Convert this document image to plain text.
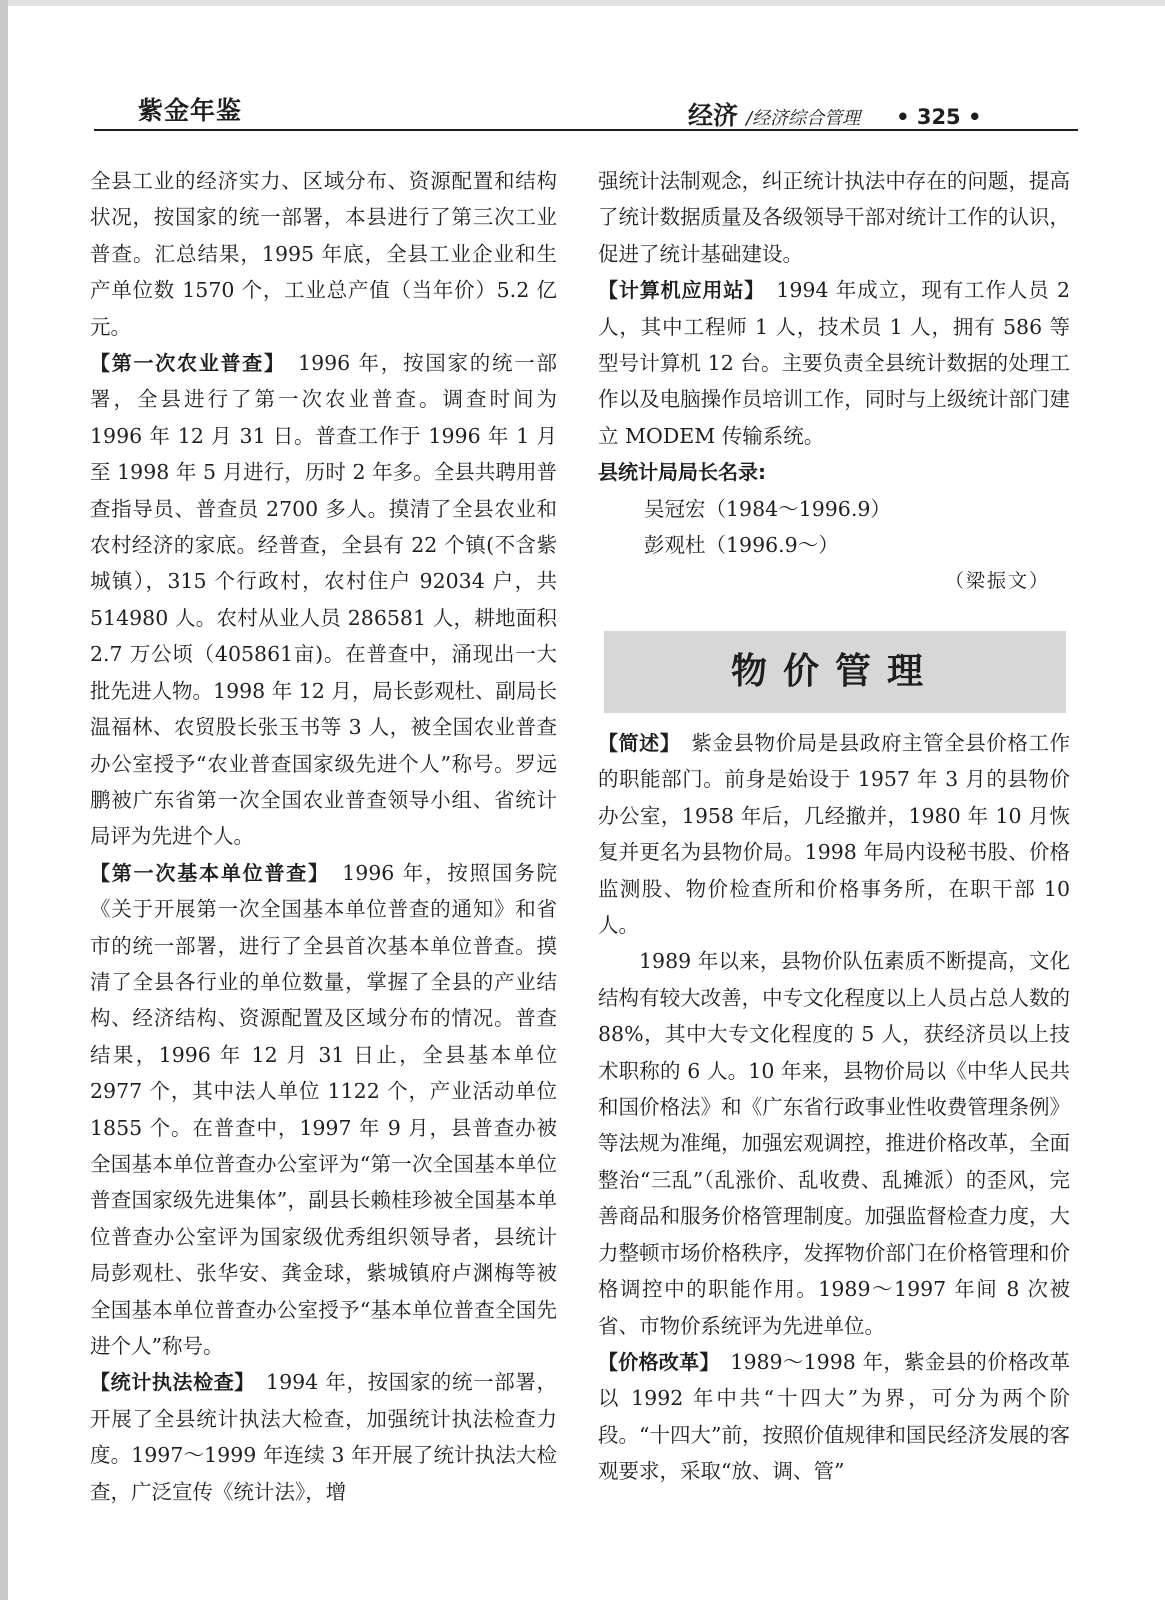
紫金年鉴	经济 /经济综合管理 • 325 •

全县工业的经济实力、区域分布、资源配置和结构状况，按国家的统一部署，本县进行了第三次工业普查。汇总结果，1995 年底，全县工业企业和生产单位数 1570 个，工业总产值（当年价）5.2 亿元。

【第一次农业普查】　1996 年，按国家的统一部署，全县进行了第一次农业普查。调查时间为 1996 年 12 月 31 日。普查工作于 1996 年 1 月至 1998 年 5 月进行，历时 2 年多。全县共聘用普查指导员、普查员 2700 多人。摸清了全县农业和农村经济的家底。经普查，全县有 22 个镇(不含紫城镇），315 个行政村，农村住户 92034 户，共 514980 人。农村从业人员 286581 人，耕地面积 2.7 万公顷（405861亩)。在普查中，涌现出一大批先进人物。1998 年 12 月，局长彭观杜、副局长温福林、农贸股长张玉书等 3 人，被全国农业普查办公室授予“农业普查国家级先进个人”称号。罗远鹏被广东省第一次全国农业普查领导小组、省统计局评为先进个人。

【第一次基本单位普查】　1996 年，按照国务院《关于开展第一次全国基本单位普查的通知》和省市的统一部署，进行了全县首次基本单位普查。摸清了全县各行业的单位数量，掌握了全县的产业结构、经济结构、资源配置及区域分布的情况。普查结果，1996 年 12 月 31 日止，全县基本单位 2977 个，其中法人单位 1122 个，产业活动单位 1855 个。在普查中，1997 年 9 月，县普查办被全国基本单位普查办公室评为“第一次全国基本单位普查国家级先进集体”，副县长赖桂珍被全国基本单位普查办公室评为国家级优秀组织领导者，县统计局彭观杜、张华安、龚金球，紫城镇府卢渊梅等被全国基本单位普查办公室授予“基本单位普查全国先进个人”称号。

【统计执法检查】　1994 年，按国家的统一部署，开展了全县统计执法大检查，加强统计执法检查力度。1997～1999 年连续 3 年开展了统计执法大检查，广泛宣传《统计法》，增

强统计法制观念，纠正统计执法中存在的问题，提高了统计数据质量及各级领导干部对统计工作的认识，促进了统计基础建设。

【计算机应用站】　1994 年成立，现有工作人员 2 人，其中工程师 1 人，技术员 1 人，拥有 586 等型号计算机 12 台。主要负责全县统计数据的处理工作以及电脑操作员培训工作，同时与上级统计部门建立 MODEM 传输系统。

县统计局局长名录:

吴冠宏（1984～1996.9）

彭观杜（1996.9～）

（梁振文）

物价管理

【简述】　紫金县物价局是县政府主管全县价格工作的职能部门。前身是始设于 1957 年 3 月的县物价办公室，1958 年后，几经撤并，1980 年 10 月恢复并更名为县物价局。1998 年局内设秘书股、价格监测股、物价检查所和价格事务所，在职干部 10 人。

1989 年以来，县物价队伍素质不断提高，文化结构有较大改善，中专文化程度以上人员占总人数的 88%，其中大专文化程度的 5 人，获经济员以上技术职称的 6 人。10 年来，县物价局以《中华人民共和国价格法》和《广东省行政事业性收费管理条例》等法规为准绳，加强宏观调控，推进价格改革，全面整治“三乱”（乱涨价、乱收费、乱摊派）的歪风，完善商品和服务价格管理制度。加强监督检查力度，大力整顿市场价格秩序，发挥物价部门在价格管理和价格调控中的职能作用。1989～1997 年间 8 次被省、市物价系统评为先进单位。

【价格改革】　1989～1998 年，紫金县的价格改革以 1992 年中共“十四大”为界，可分为两个阶段。“十四大”前，按照价值规律和国民经济发展的客观要求，采取“放、调、管”
